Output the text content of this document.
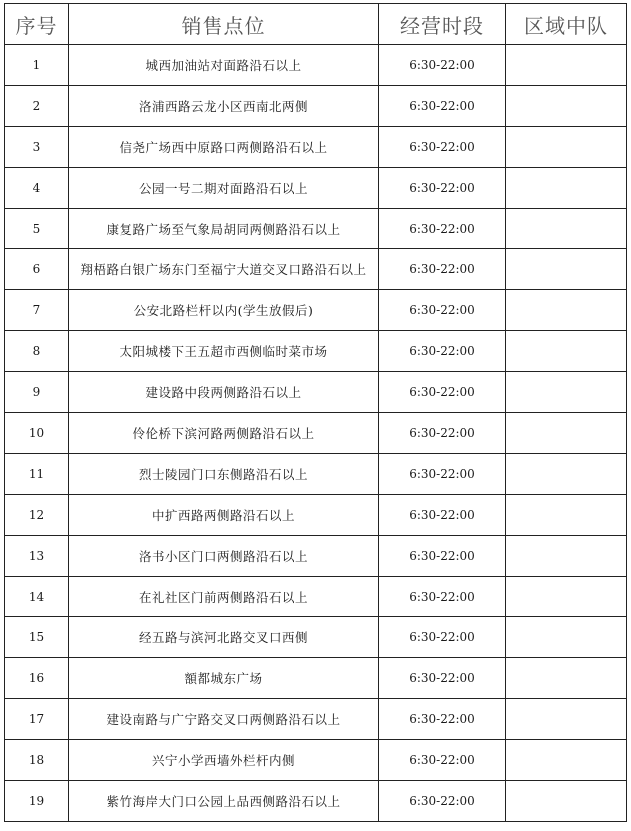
序号	销售点位	经营时段	区域中队
1	城西加油站对面路沿石以上	6:30-22:00	
2	洛浦西路云龙小区西南北两侧	6:30-22:00	
3	信尧广场西中原路口两侧路沿石以上	6:30-22:00	
4	公园一号二期对面路沿石以上	6:30-22:00	
5	康复路广场至气象局胡同两侧路沿石以上	6:30-22:00	
6	翔梧路白银广场东门至福宁大道交叉口路沿石以上	6:30-22:00	
7	公安北路栏杆以内(学生放假后)	6:30-22:00	
8	太阳城楼下王五超市西侧临时菜市场	6:30-22:00	
9	建设路中段两侧路沿石以上	6:30-22:00	
10	伶伦桥下滨河路两侧路沿石以上	6:30-22:00	
11	烈士陵园门口东侧路沿石以上	6:30-22:00	
12	中扩西路两侧路沿石以上	6:30-22:00	
13	洛书小区门口两侧路沿石以上	6:30-22:00	
14	在礼社区门前两侧路沿石以上	6:30-22:00	
15	经五路与滨河北路交叉口西侧	6:30-22:00	
16	額都城东广场	6:30-22:00	
17	建设南路与广宁路交叉口两侧路沿石以上	6:30-22:00	
18	兴宁小学西墙外栏杆内侧	6:30-22:00	
19	紫竹海岸大门口公园上品西侧路沿石以上	6:30-22:00	
